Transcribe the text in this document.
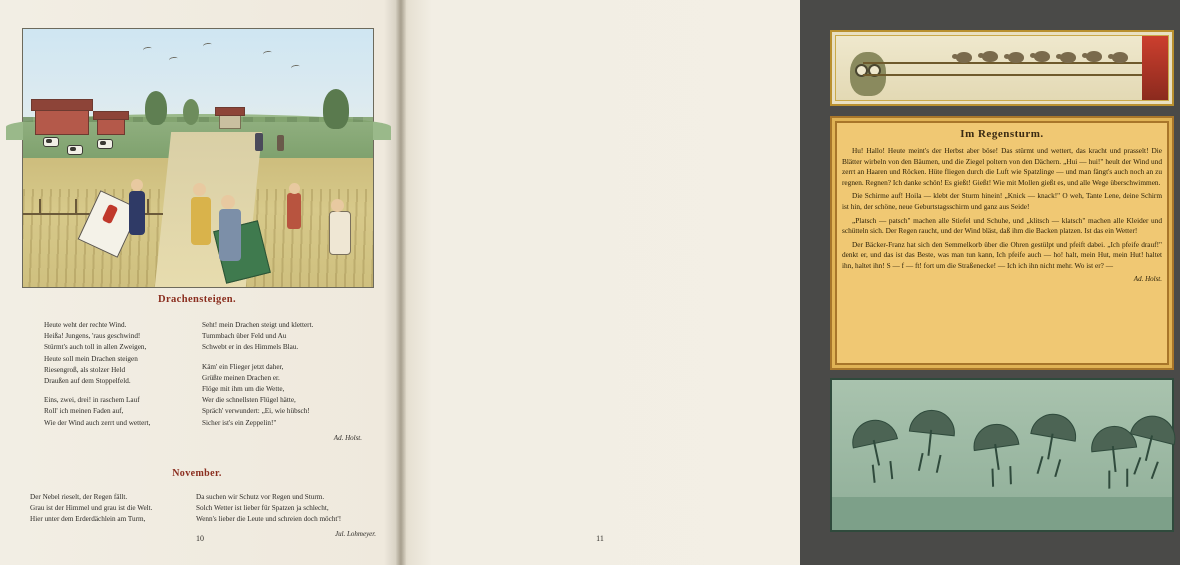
Drachensteigen.
Heute weht der rechte Wind.
Heißa! Jungens, 'raus geschwind!
Stürmt's auch toll in allen Zweigen,
Heute soll mein Drachen steigen
Riesengroß, als stolzer Held
Draußen auf dem Stoppelfeld.
Eins, zwei, drei! in raschem Lauf
Roll' ich meinen Faden auf,
Wie der Wind auch zerrt und wettert,
Seht! mein Drachen steigt und klettert.
Tummbach über Feld und Au
Schwebt er in des Himmels Blau.
Käm' ein Flieger jetzt daher,
Grüßte meinen Drachen er.
Flöge mit ihm um die Wette,
Wer die schnellsten Flügel hätte,
Spräch' verwundert: „Ei, wie hübsch!
Sicher ist's ein Zeppelin!"
Ad. Holst.
November.
Der Nebel rieselt, der Regen fällt.
Grau ist der Himmel und grau ist die Welt.
Hier unter dem Erderdächlein am Turm,
Da suchen wir Schutz vor Regen und Sturm.
Solch Wetter ist lieber für Spatzen ja schlecht,
Wenn's lieber die Leute und schreien doch möcht'!
Jul. Lohmeyer.
10
Im Regensturm.

Hu! Hallo! Heute meint's der Herbst aber böse! Das stürmt und wettert, das kracht und prasselt! Die Blätter wirbeln von den Bäumen, und die Ziegel poltern von den Dächern. „Hui — hui!" heult der Wind und zerrt an Haaren und Röcken. Hüte fliegen durch die Luft wie Spatzlinge — und man fängt's auch noch an zu regnen. Regnen? Ich danke schön! Es gießt! Gießt! Wie mit Mollen gießt es, und alle Wege überschwimmen.

Die Schirme auf! Hoila — klebt der Sturm hinein! „Knick — knack!" O weh, Tante Lene, deine Schirm ist hin, der schöne, neue Geburtstagsschirm und ganz aus Seide!

„Platsch — patsch" machen alle Stiefel und Schuhe, und „klitsch — klatsch" machen alle Kleider und schütteln sich. Der Regen raucht, und der Wind bläst, daß ihm die Backen platzen. Ist das ein Wetter!

Der Bäcker-Franz hat sich den Semmelkorb über die Ohren gestülpt und pfeift dabei. „Ich pfeife drauf!" denkt er, und das ist das Beste, was man tun kann, Ich pfeife auch — ho! halt, mein Hut, mein Hut! haltet ihn, haltet ihn! S — f — ft! fort um die Straßenecke! — Ich ich ihn nicht mehr. Wo ist er? —

Ad. Holst.
11
